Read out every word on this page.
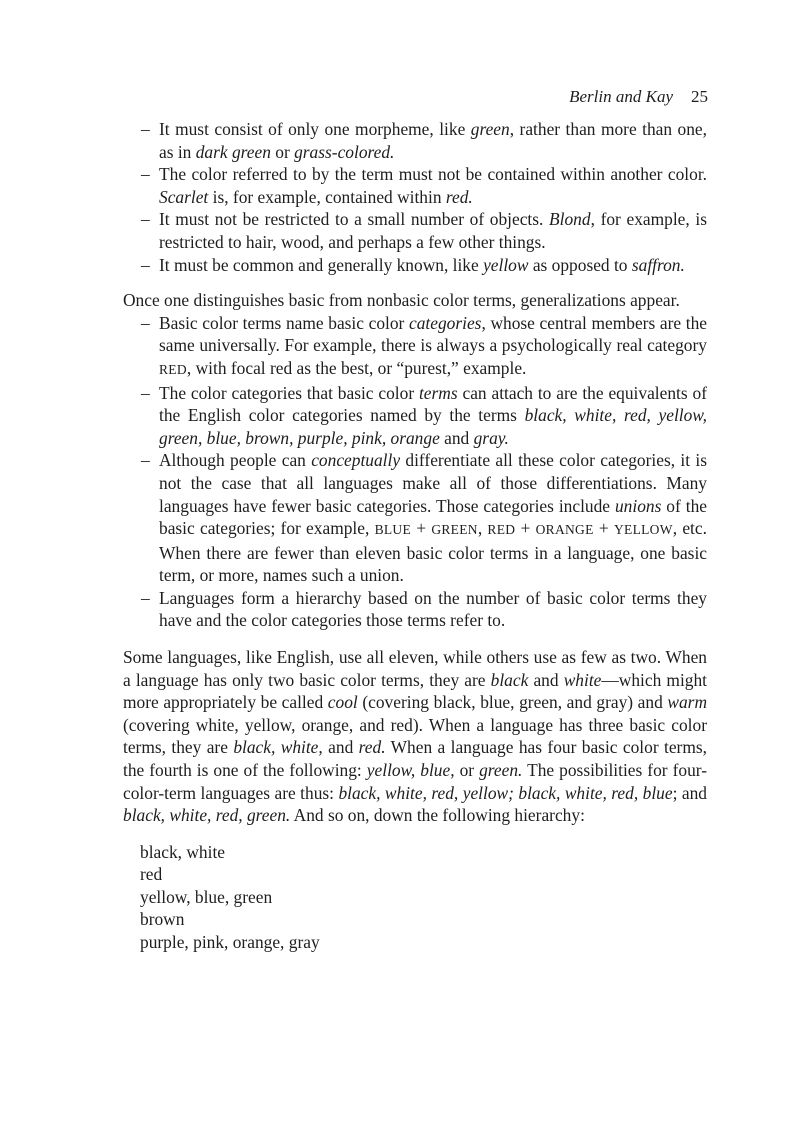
Berlin and Kay 25
– It must consist of only one morpheme, like green, rather than more than one, as in dark green or grass-colored.
– The color referred to by the term must not be contained within another color. Scarlet is, for example, contained within red.
– It must not be restricted to a small number of objects. Blond, for example, is restricted to hair, wood, and perhaps a few other things.
– It must be common and generally known, like yellow as opposed to saffron.

Once one distinguishes basic from nonbasic color terms, generalizations appear.

– Basic color terms name basic color categories, whose central members are the same universally. For example, there is always a psychologically real category RED, with focal red as the best, or “purest,” example.
– The color categories that basic color terms can attach to are the equivalents of the English color categories named by the terms black, white, red, yellow, green, blue, brown, purple, pink, orange and gray.
– Although people can conceptually differentiate all these color categories, it is not the case that all languages make all of those differentiations. Many languages have fewer basic categories. Those categories include unions of the basic categories; for example, BLUE + GREEN, RED + ORANGE + YELLOW, etc. When there are fewer than eleven basic color terms in a language, one basic term, or more, names such a union.
– Languages form a hierarchy based on the number of basic color terms they have and the color categories those terms refer to.

Some languages, like English, use all eleven, while others use as few as two. When a language has only two basic color terms, they are black and white—which might more appropriately be called cool (covering black, blue, green, and gray) and warm (covering white, yellow, orange, and red). When a language has three basic color terms, they are black, white, and red. When a language has four basic color terms, the fourth is one of the following: yellow, blue, or green. The possibilities for four-color-term languages are thus: black, white, red, yellow; black, white, red, blue; and black, white, red, green. And so on, down the following hierarchy:

black, white
red
yellow, blue, green
brown
purple, pink, orange, gray
